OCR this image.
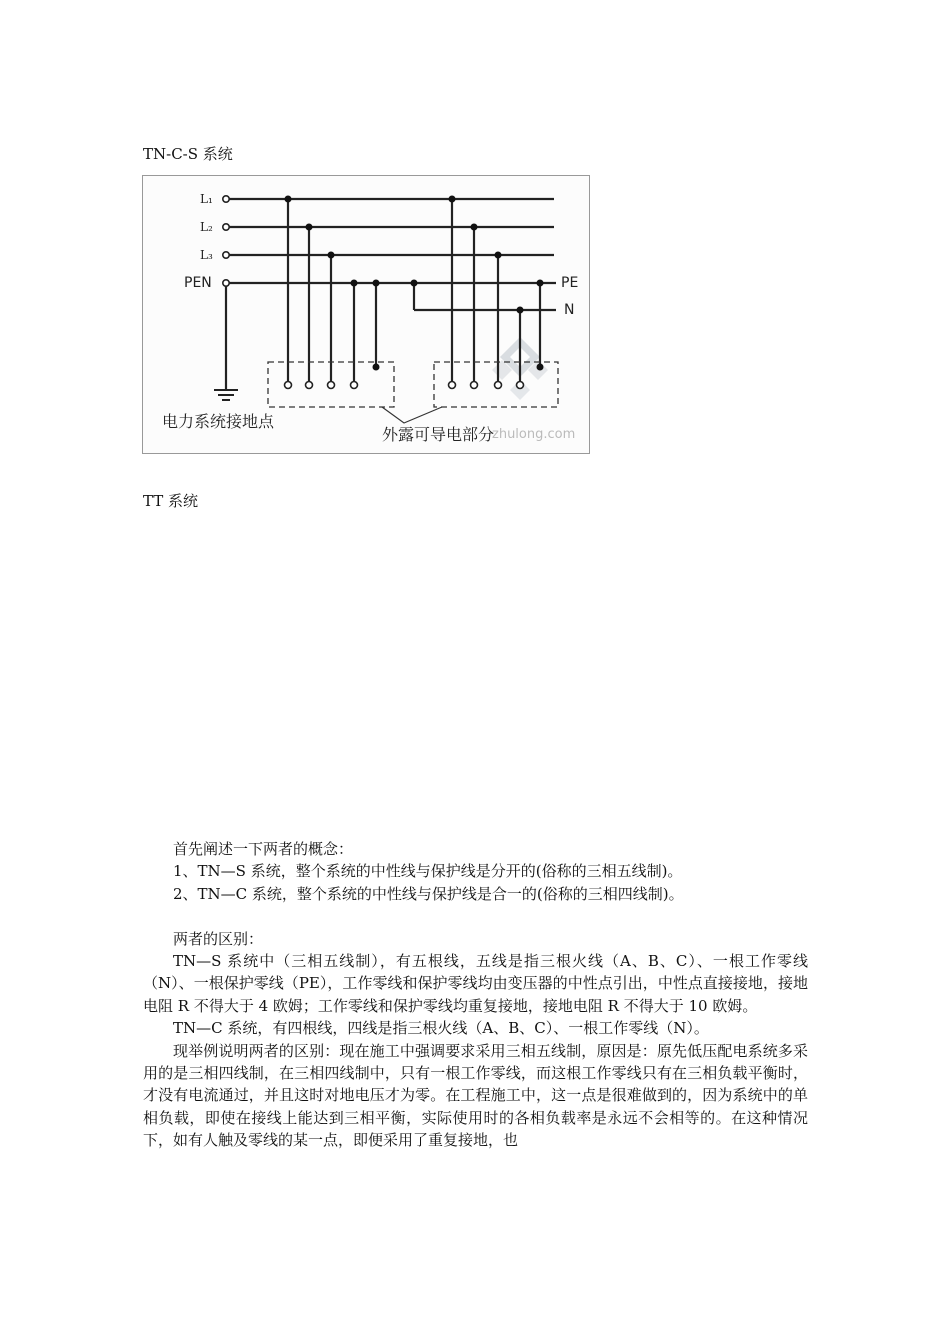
TN-C-S 系统
zhulong.com
L₁
L₂
L₃
PEN	PE
N
电力系统接地点
外露可导电部分
TT 系统

首先阐述一下两者的概念：

1、TN—S 系统，整个系统的中性线与保护线是分开的(俗称的三相五线制)。

2、TN—C 系统，整个系统的中性线与保护线是合一的(俗称的三相四线制)。

两者的区别：

TN—S 系统中（三相五线制），有五根线，五线是指三根火线（A、B、C）、一根工作零线（N）、一根保护零线（PE），工作零线和保护零线均由变压器的中性点引出，中性点直接接地，接地电阻 R 不得大于 4 欧姆；工作零线和保护零线均重复接地，接地电阻 R 不得大于 10 欧姆。

TN—C 系统，有四根线，四线是指三根火线（A、B、C）、一根工作零线（N）。

现举例说明两者的区别：现在施工中强调要求采用三相五线制，原因是：原先低压配电系统多采用的是三相四线制，在三相四线制中，只有一根工作零线，而这根工作零线只有在三相负载平衡时，才没有电流通过，并且这时对地电压才为零。在工程施工中，这一点是很难做到的，因为系统中的单相负载，即使在接线上能达到三相平衡，实际使用时的各相负载率是永远不会相等的。在这种情况下，如有人触及零线的某一点，即便采用了重复接地，也
